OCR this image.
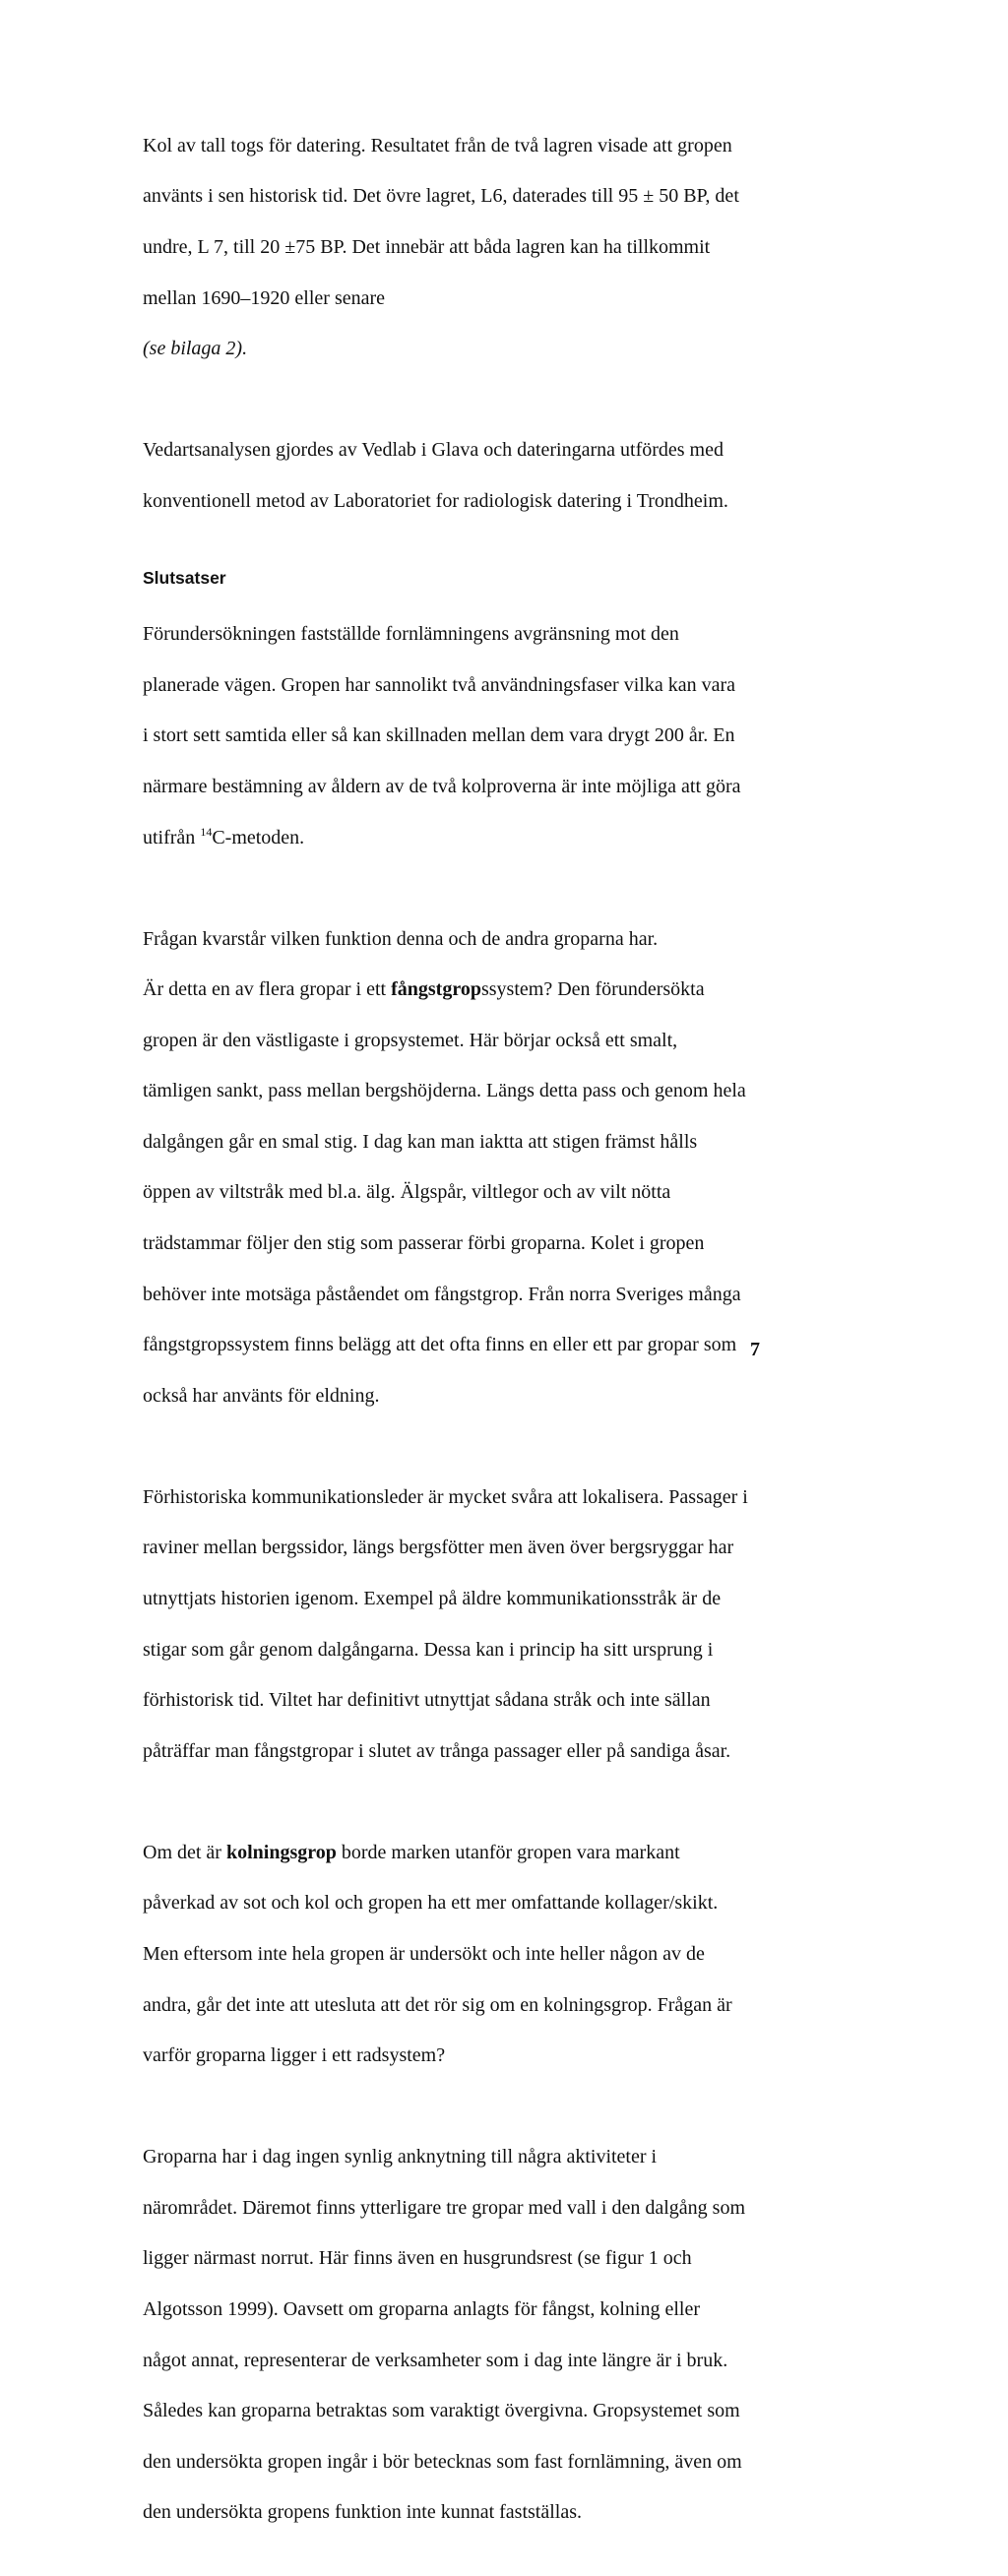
Kol av tall togs för datering. Resultatet från de två lagren visade att gropen

använts i sen historisk tid. Det övre lagret, L6, daterades till 95 ± 50 BP, det

undre, L 7, till 20 ±75 BP. Det innebär att båda lagren kan ha tillkommit

mellan 1690–1920 eller senare

(se bilaga 2).

Vedartsanalysen gjordes av Vedlab i Glava och dateringarna utfördes med

konventionell metod av Laboratoriet for radiologisk datering i Trondheim.

Slutsatser

Förundersökningen fastställde fornlämningens avgränsning mot den

planerade vägen. Gropen har sannolikt två användningsfaser vilka kan vara

i stort sett samtida eller så kan skillnaden mellan dem vara drygt 200 år. En

närmare bestämning av åldern av de två kolproverna är inte möjliga att göra

utifrån $^{14}$C-metoden.

Frågan kvarstår vilken funktion denna och de andra groparna har.

Är detta en av flera gropar i ett fångstgropssystem? Den förundersökta

gropen är den västligaste i gropsystemet. Här börjar också ett smalt,

tämligen sankt, pass mellan bergshöjderna. Längs detta pass och genom hela

dalgången går en smal stig. I dag kan man iaktta att stigen främst hålls

öppen av viltstråk med bl.a. älg. Älgspår, viltlegor och av vilt nötta

trädstammar följer den stig som passerar förbi groparna. Kolet i gropen

behöver inte motsäga påståendet om fångstgrop. Från norra Sveriges många

fångstgropssystem finns belägg att det ofta finns en eller ett par gropar som

också har använts för eldning.

Förhistoriska kommunikationsleder är mycket svåra att lokalisera. Passager i

raviner mellan bergssidor, längs bergsfötter men även över bergsryggar har

utnyttjats historien igenom. Exempel på äldre kommunikationsstråk är de

stigar som går genom dalgångarna. Dessa kan i princip ha sitt ursprung i

förhistorisk tid. Viltet har definitivt utnyttjat sådana stråk och inte sällan

påträffar man fångstgropar i slutet av trånga passager eller på sandiga åsar.

Om det är kolningsgrop borde marken utanför gropen vara markant

påverkad av sot och kol och gropen ha ett mer omfattande kollager/skikt.

Men eftersom inte hela gropen är undersökt och inte heller någon av de

andra, går det inte att utesluta att det rör sig om en kolningsgrop. Frågan är

varför groparna ligger i ett radsystem?

Groparna har i dag ingen synlig anknytning till några aktiviteter i

närområdet. Däremot finns ytterligare tre gropar med vall i den dalgång som

ligger närmast norrut. Här finns även en husgrundsrest (se figur 1 och

Algotsson 1999). Oavsett om groparna anlagts för fångst, kolning eller

något annat, representerar de verksamheter som i dag inte längre är i bruk.

Således kan groparna betraktas som varaktigt övergivna. Gropsystemet som

den undersökta gropen ingår i bör betecknas som fast fornlämning, även om

den undersökta gropens funktion inte kunnat fastställas.

7
